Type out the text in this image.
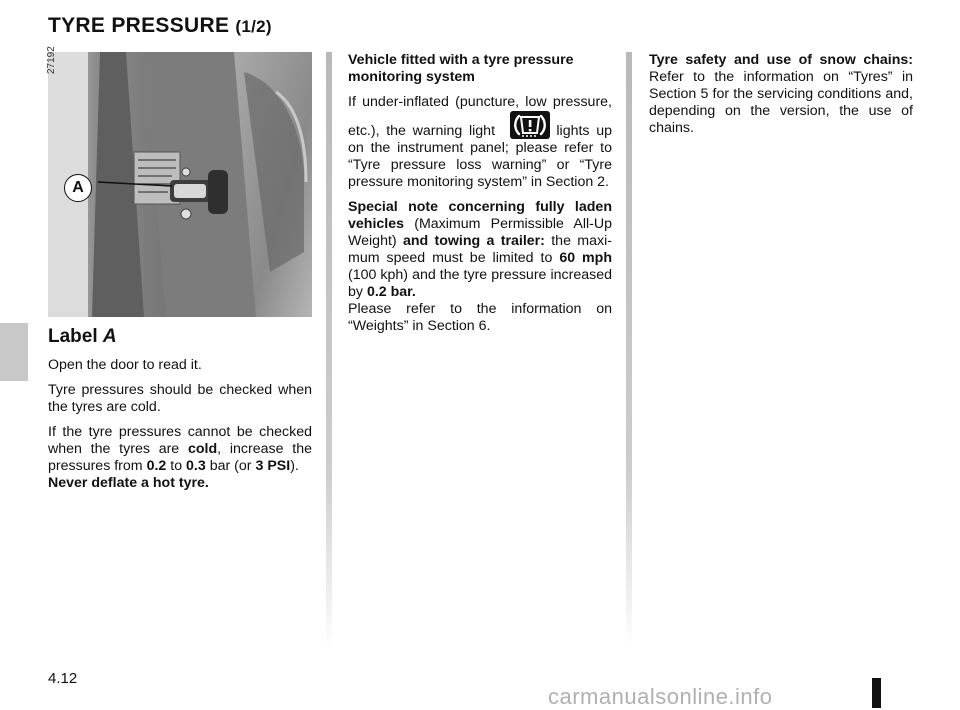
TYRE PRESSURE (1/2)
27192
A
Label A

Open the door to read it.

Tyre pressures should be checked when the tyres are cold.

If the tyre pressures cannot be checked when the tyres are cold, increase the pressures from 0.2 to 0.3 bar (or 3 PSI).
Never deflate a hot tyre.

Vehicle fitted with a tyre pressure monitoring system

If under-inflated (puncture, low pressure, etc.), the warning light	lights up on the instrument panel; please refer to “Tyre pressure loss warning” or “Tyre pressure monitoring system” in Section 2.

Special note concerning fully laden vehicles (Maximum Permissible All-Up Weight) and towing a trailer: the maximum speed must be limited to 60 mph (100 kph) and the tyre pressure increased by 0.2 bar.
Please refer to the information on “Weights” in Section 6.

Tyre safety and use of snow chains: Refer to the information on “Tyres” in Section 5 for the servicing conditions and, depending on the version, the use of chains.

4.12
carmanualsonline.info
